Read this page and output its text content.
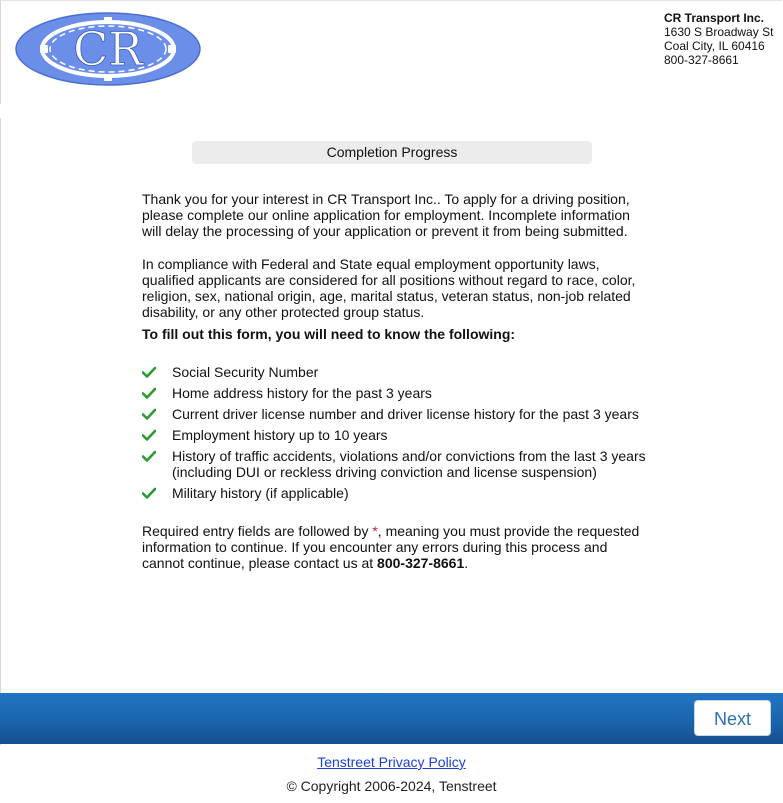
CR
CR Transport Inc.
1630 S Broadway St
Coal City, IL 60416
800-327-8661
Completion Progress

Thank you for your interest in CR Transport Inc.. To apply for a driving position, please complete our online application for employment. Incomplete information will delay the processing of your application or prevent it from being submitted.

In compliance with Federal and State equal employment opportunity laws, qualified applicants are considered for all positions without regard to race, color, religion, sex, national origin, age, marital status, veteran status, non-job related disability, or any other protected group status.

To fill out this form, you will need to know the following:

Social Security Number
Home address history for the past 3 years
Current driver license number and driver license history for the past 3 years
Employment history up to 10 years
History of traffic accidents, violations and/or convictions from the last 3 years (including DUI or reckless driving conviction and license suspension)
Military history (if applicable)

Required entry fields are followed by *, meaning you must provide the requested information to continue. If you encounter any errors during this process and cannot continue, please contact us at 800-327-8661.

Next
Tenstreet Privacy Policy
© Copyright 2006-2024, Tenstreet
